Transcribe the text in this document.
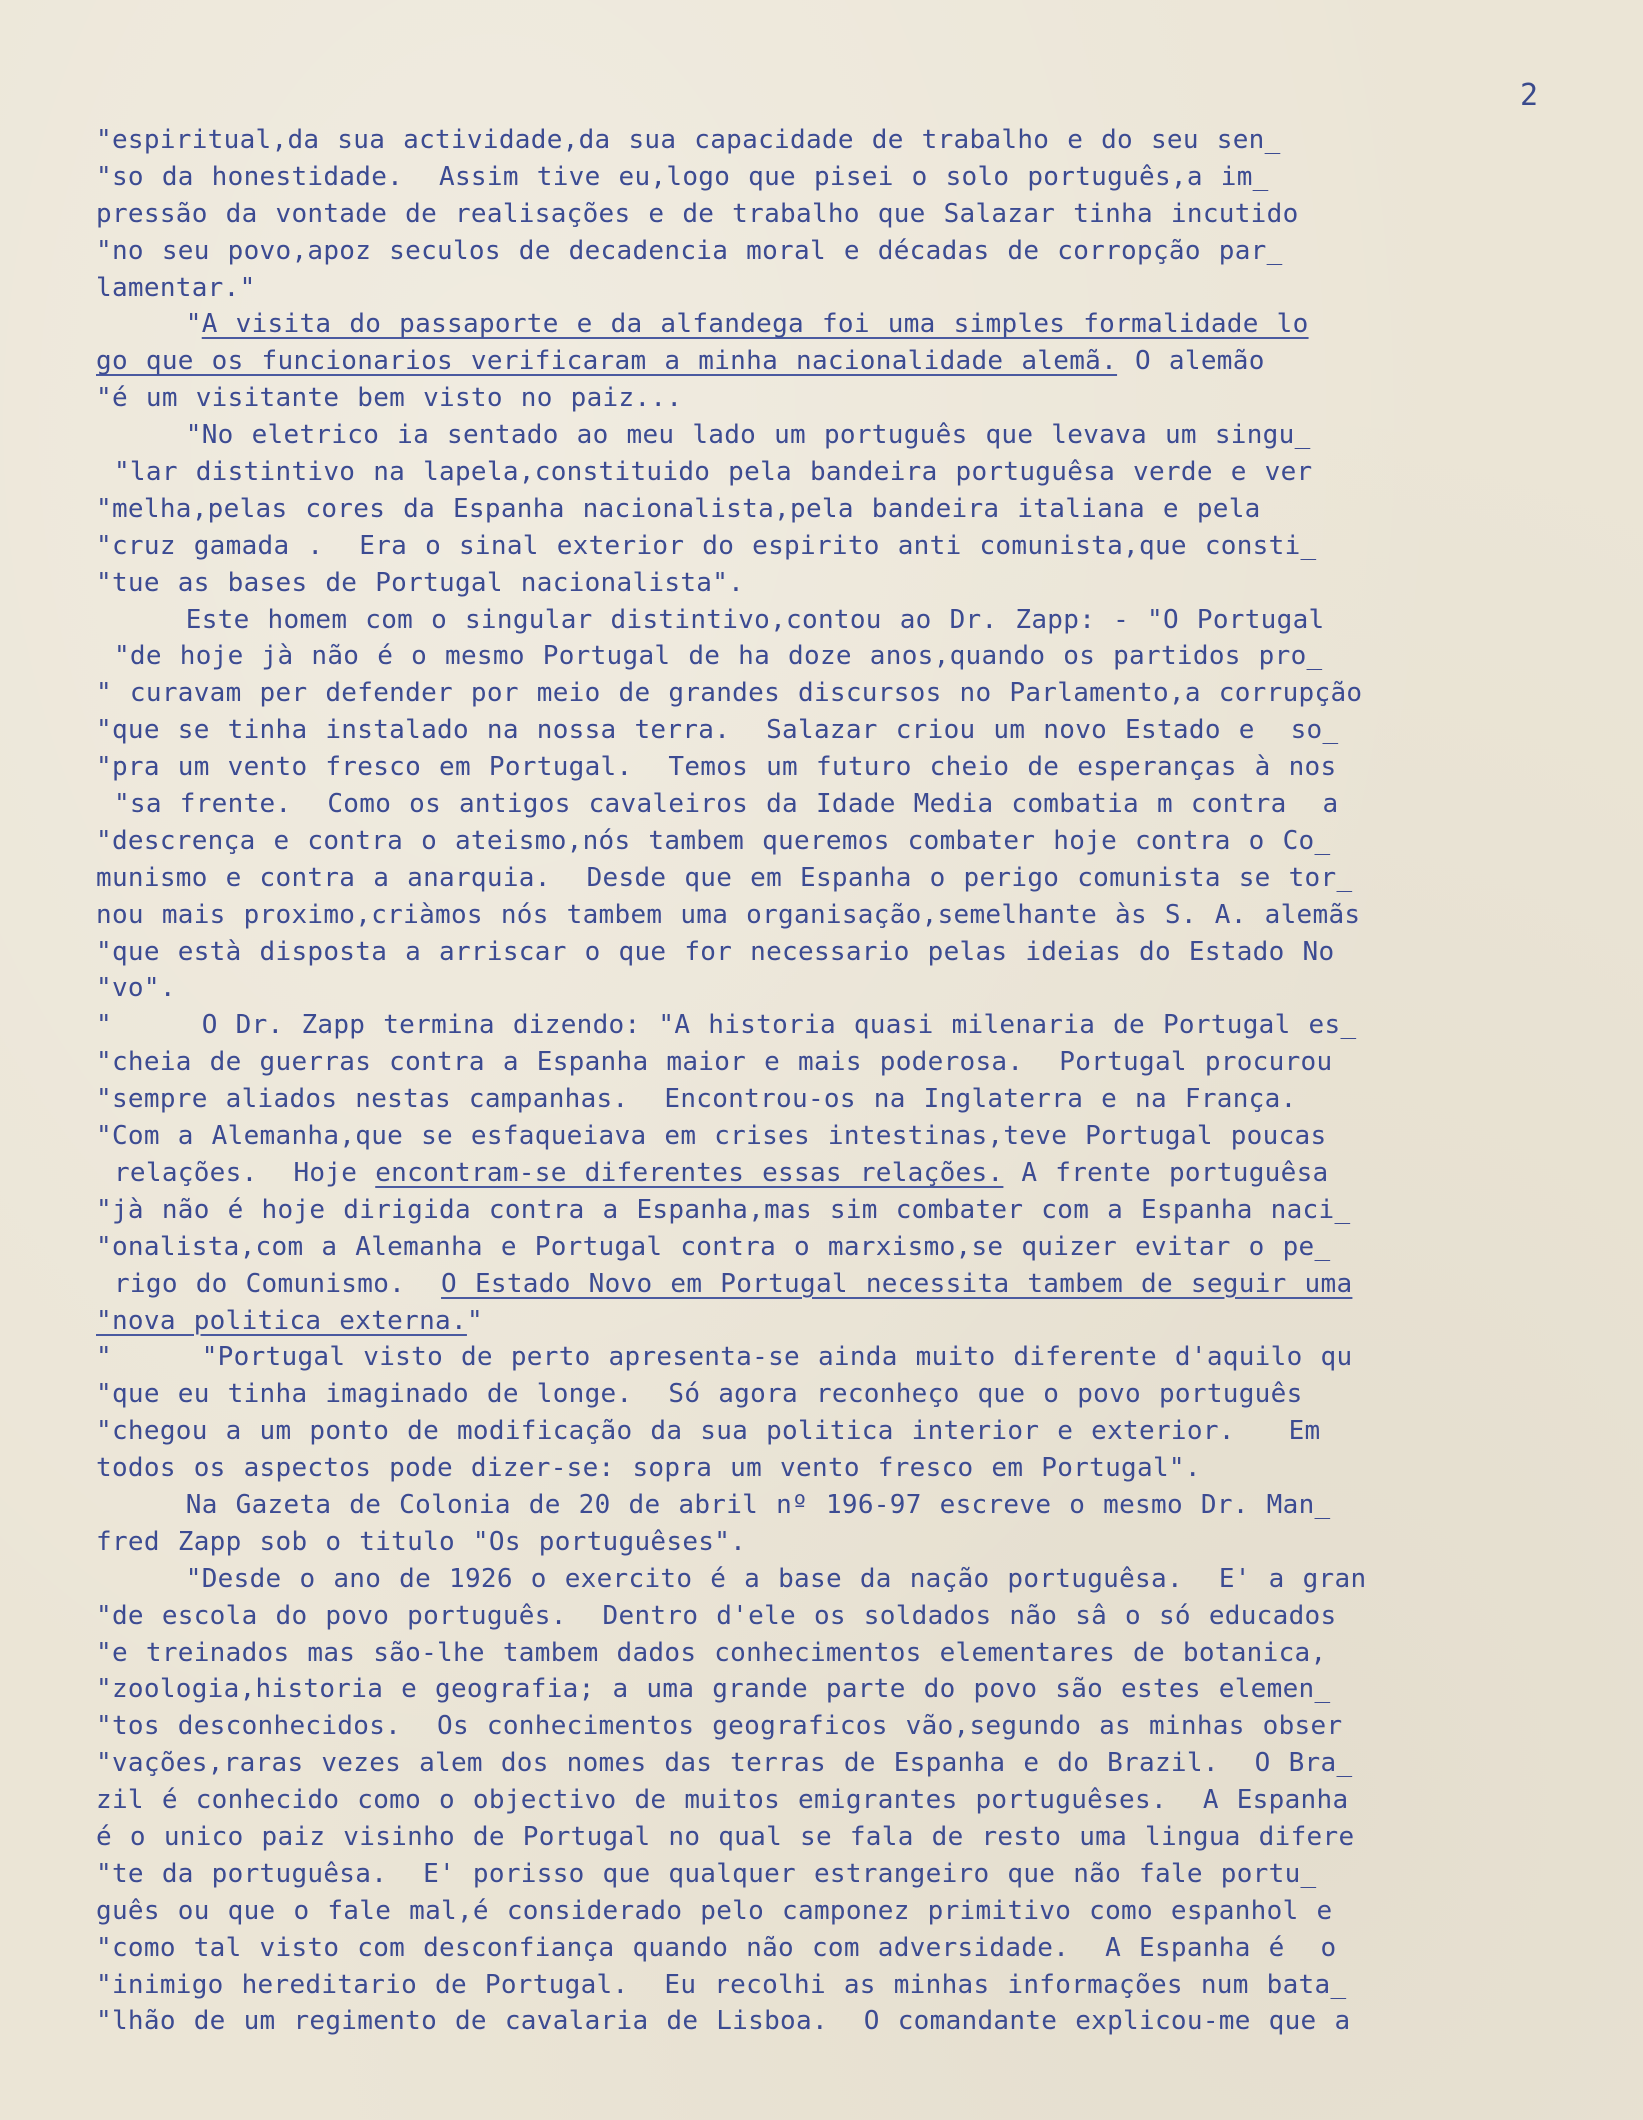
2
"espiritual,da sua actividade,da sua capacidade de trabalho e do seu sen_
"so da honestidade.  Assim tive eu,logo que pisei o solo português,a im_
pressão da vontade de realisações e de trabalho que Salazar tinha incutido
"no seu povo,apoz seculos de decadencia moral e décadas de corropção par_
lamentar."
"A visita do passaporte e da alfandega foi uma simples formalidade lo
go que os funcionarios verificaram a minha nacionalidade alemã. O alemão
"é um visitante bem visto no paiz...
"No eletrico ia sentado ao meu lado um português que levava um singu_
"lar distintivo na lapela,constituido pela bandeira portuguêsa verde e ver
"melha,pelas cores da Espanha nacionalista,pela bandeira italiana e pela
"cruz gamada .  Era o sinal exterior do espirito anti comunista,que consti_
"tue as bases de Portugal nacionalista".
Este homem com o singular distintivo,contou ao Dr. Zapp: - "O Portugal
"de hoje jà não é o mesmo Portugal de ha doze anos,quando os partidos pro_
" curavam per defender por meio de grandes discursos no Parlamento,a corrupção
"que se tinha instalado na nossa terra.  Salazar criou um novo Estado e  so_
"pra um vento fresco em Portugal.  Temos um futuro cheio de esperanças à nos
"sa frente.  Como os antigos cavaleiros da Idade Media combatia m contra  a
"descrença e contra o ateismo,nós tambem queremos combater hoje contra o Co_
munismo e contra a anarquia.  Desde que em Espanha o perigo comunista se tor_
nou mais proximo,criàmos nós tambem uma organisação,semelhante às S. A. alemãs
"que està disposta a arriscar o que for necessario pelas ideias do Estado No
"vo".
"     O Dr. Zapp termina dizendo: "A historia quasi milenaria de Portugal es_
"cheia de guerras contra a Espanha maior e mais poderosa.  Portugal procurou
"sempre aliados nestas campanhas.  Encontrou-os na Inglaterra e na França.
"Com a Alemanha,que se esfaqueiava em crises intestinas,teve Portugal poucas
relações.  Hoje encontram-se diferentes essas relações. A frente portuguêsa
"jà não é hoje dirigida contra a Espanha,mas sim combater com a Espanha naci_
"onalista,com a Alemanha e Portugal contra o marxismo,se quizer evitar o pe_
rigo do Comunismo.  O Estado Novo em Portugal necessita tambem de seguir uma
"nova politica externa."
"     "Portugal visto de perto apresenta-se ainda muito diferente d'aquilo qu
"que eu tinha imaginado de longe.  Só agora reconheço que o povo português
"chegou a um ponto de modificação da sua politica interior e exterior.   Em
todos os aspectos pode dizer-se: sopra um vento fresco em Portugal".
Na Gazeta de Colonia de 20 de abril nº 196-97 escreve o mesmo Dr. Man_
fred Zapp sob o titulo "Os portuguêses".
"Desde o ano de 1926 o exercito é a base da nação portuguêsa.  E' a gran
"de escola do povo português.  Dentro d'ele os soldados não sâ o só educados
"e treinados mas são-lhe tambem dados conhecimentos elementares de botanica,
"zoologia,historia e geografia; a uma grande parte do povo são estes elemen_
"tos desconhecidos.  Os conhecimentos geograficos vão,segundo as minhas obser
"vações,raras vezes alem dos nomes das terras de Espanha e do Brazil.  O Bra_
zil é conhecido como o objectivo de muitos emigrantes portuguêses.  A Espanha
é o unico paiz visinho de Portugal no qual se fala de resto uma lingua difere
"te da portuguêsa.  E' porisso que qualquer estrangeiro que não fale portu_
guês ou que o fale mal,é considerado pelo camponez primitivo como espanhol e
"como tal visto com desconfiança quando não com adversidade.  A Espanha é  o
"inimigo hereditario de Portugal.  Eu recolhi as minhas informações num bata_
"lhão de um regimento de cavalaria de Lisboa.  O comandante explicou-me que a
